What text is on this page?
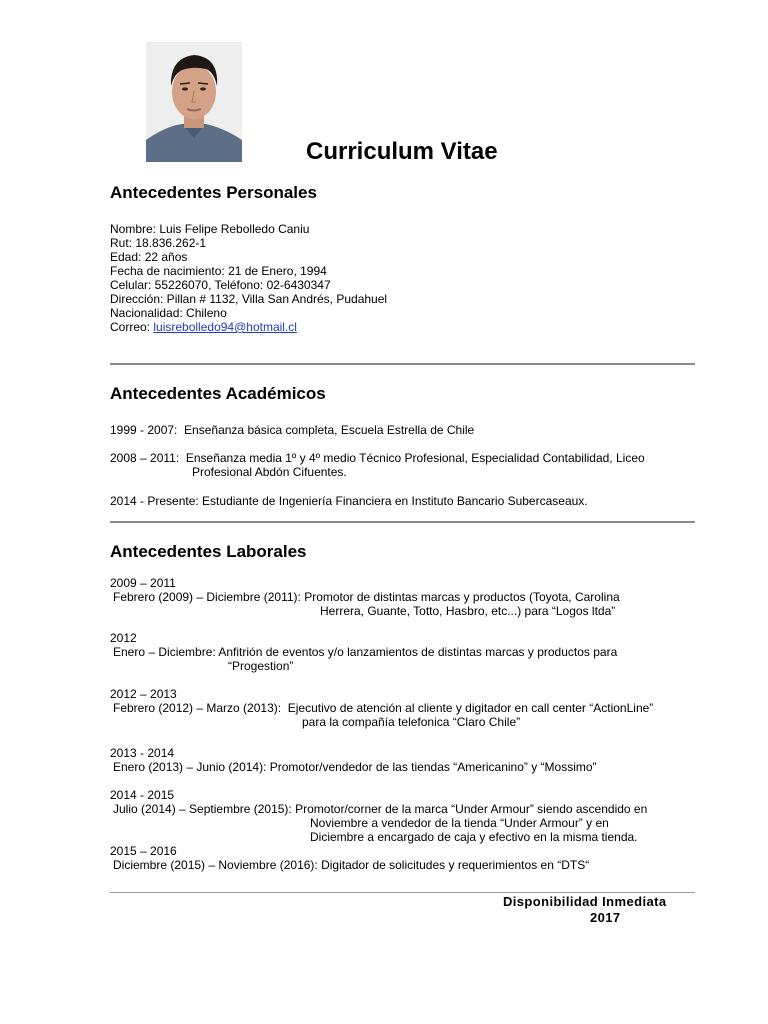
Curriculum Vitae
Antecedentes Personales
Nombre: Luis Felipe Rebolledo Caniu
Rut: 18.836.262-1
Edad: 22 años
Fecha de nacimiento: 21 de Enero, 1994
Celular: 55226070, Teléfono: 02-6430347
Dirección: Pillan # 1132, Villa San Andrés, Pudahuel
Nacionalidad: Chileno
Correo: luisrebolledo94@hotmail.cl
Antecedentes Académicos
1999 - 2007:  Enseñanza básica completa, Escuela Estrella de Chile
2008 – 2011:  Enseñanza media 1º y 4º medio Técnico Profesional, Especialidad Contabilidad, Liceo
Profesional Abdón Cifuentes.
2014 - Presente: Estudiante de Ingeniería Financiera en Instituto Bancario Subercaseaux.
Antecedentes Laborales
2009 – 2011
Febrero (2009) – Diciembre (2011): Promotor de distintas marcas y productos (Toyota, Carolina
Herrera, Guante, Totto, Hasbro, etc...) para “Logos ltda”
2012
Enero – Diciembre: Anfitrión de eventos y/o lanzamientos de distintas marcas y productos para
“Progestion”
2012 – 2013
Febrero (2012) – Marzo (2013):  Ejecutivo de atención al cliente y digitador en call center “ActionLine”
para la compañía telefonica “Claro Chile”
2013 - 2014
Enero (2013) – Junio (2014): Promotor/vendedor de las tiendas “Americanino” y “Mossimo”
2014 - 2015
Julio (2014) – Septiembre (2015): Promotor/corner de la marca “Under Armour” siendo ascendido en
Noviembre a vendedor de la tienda “Under Armour” y en
Diciembre a encargado de caja y efectivo en la misma tienda.
2015 – 2016
Diciembre (2015) – Noviembre (2016): Digitador de solicitudes y requerimientos en “DTS“
Disponibilidad Inmediata
2017
